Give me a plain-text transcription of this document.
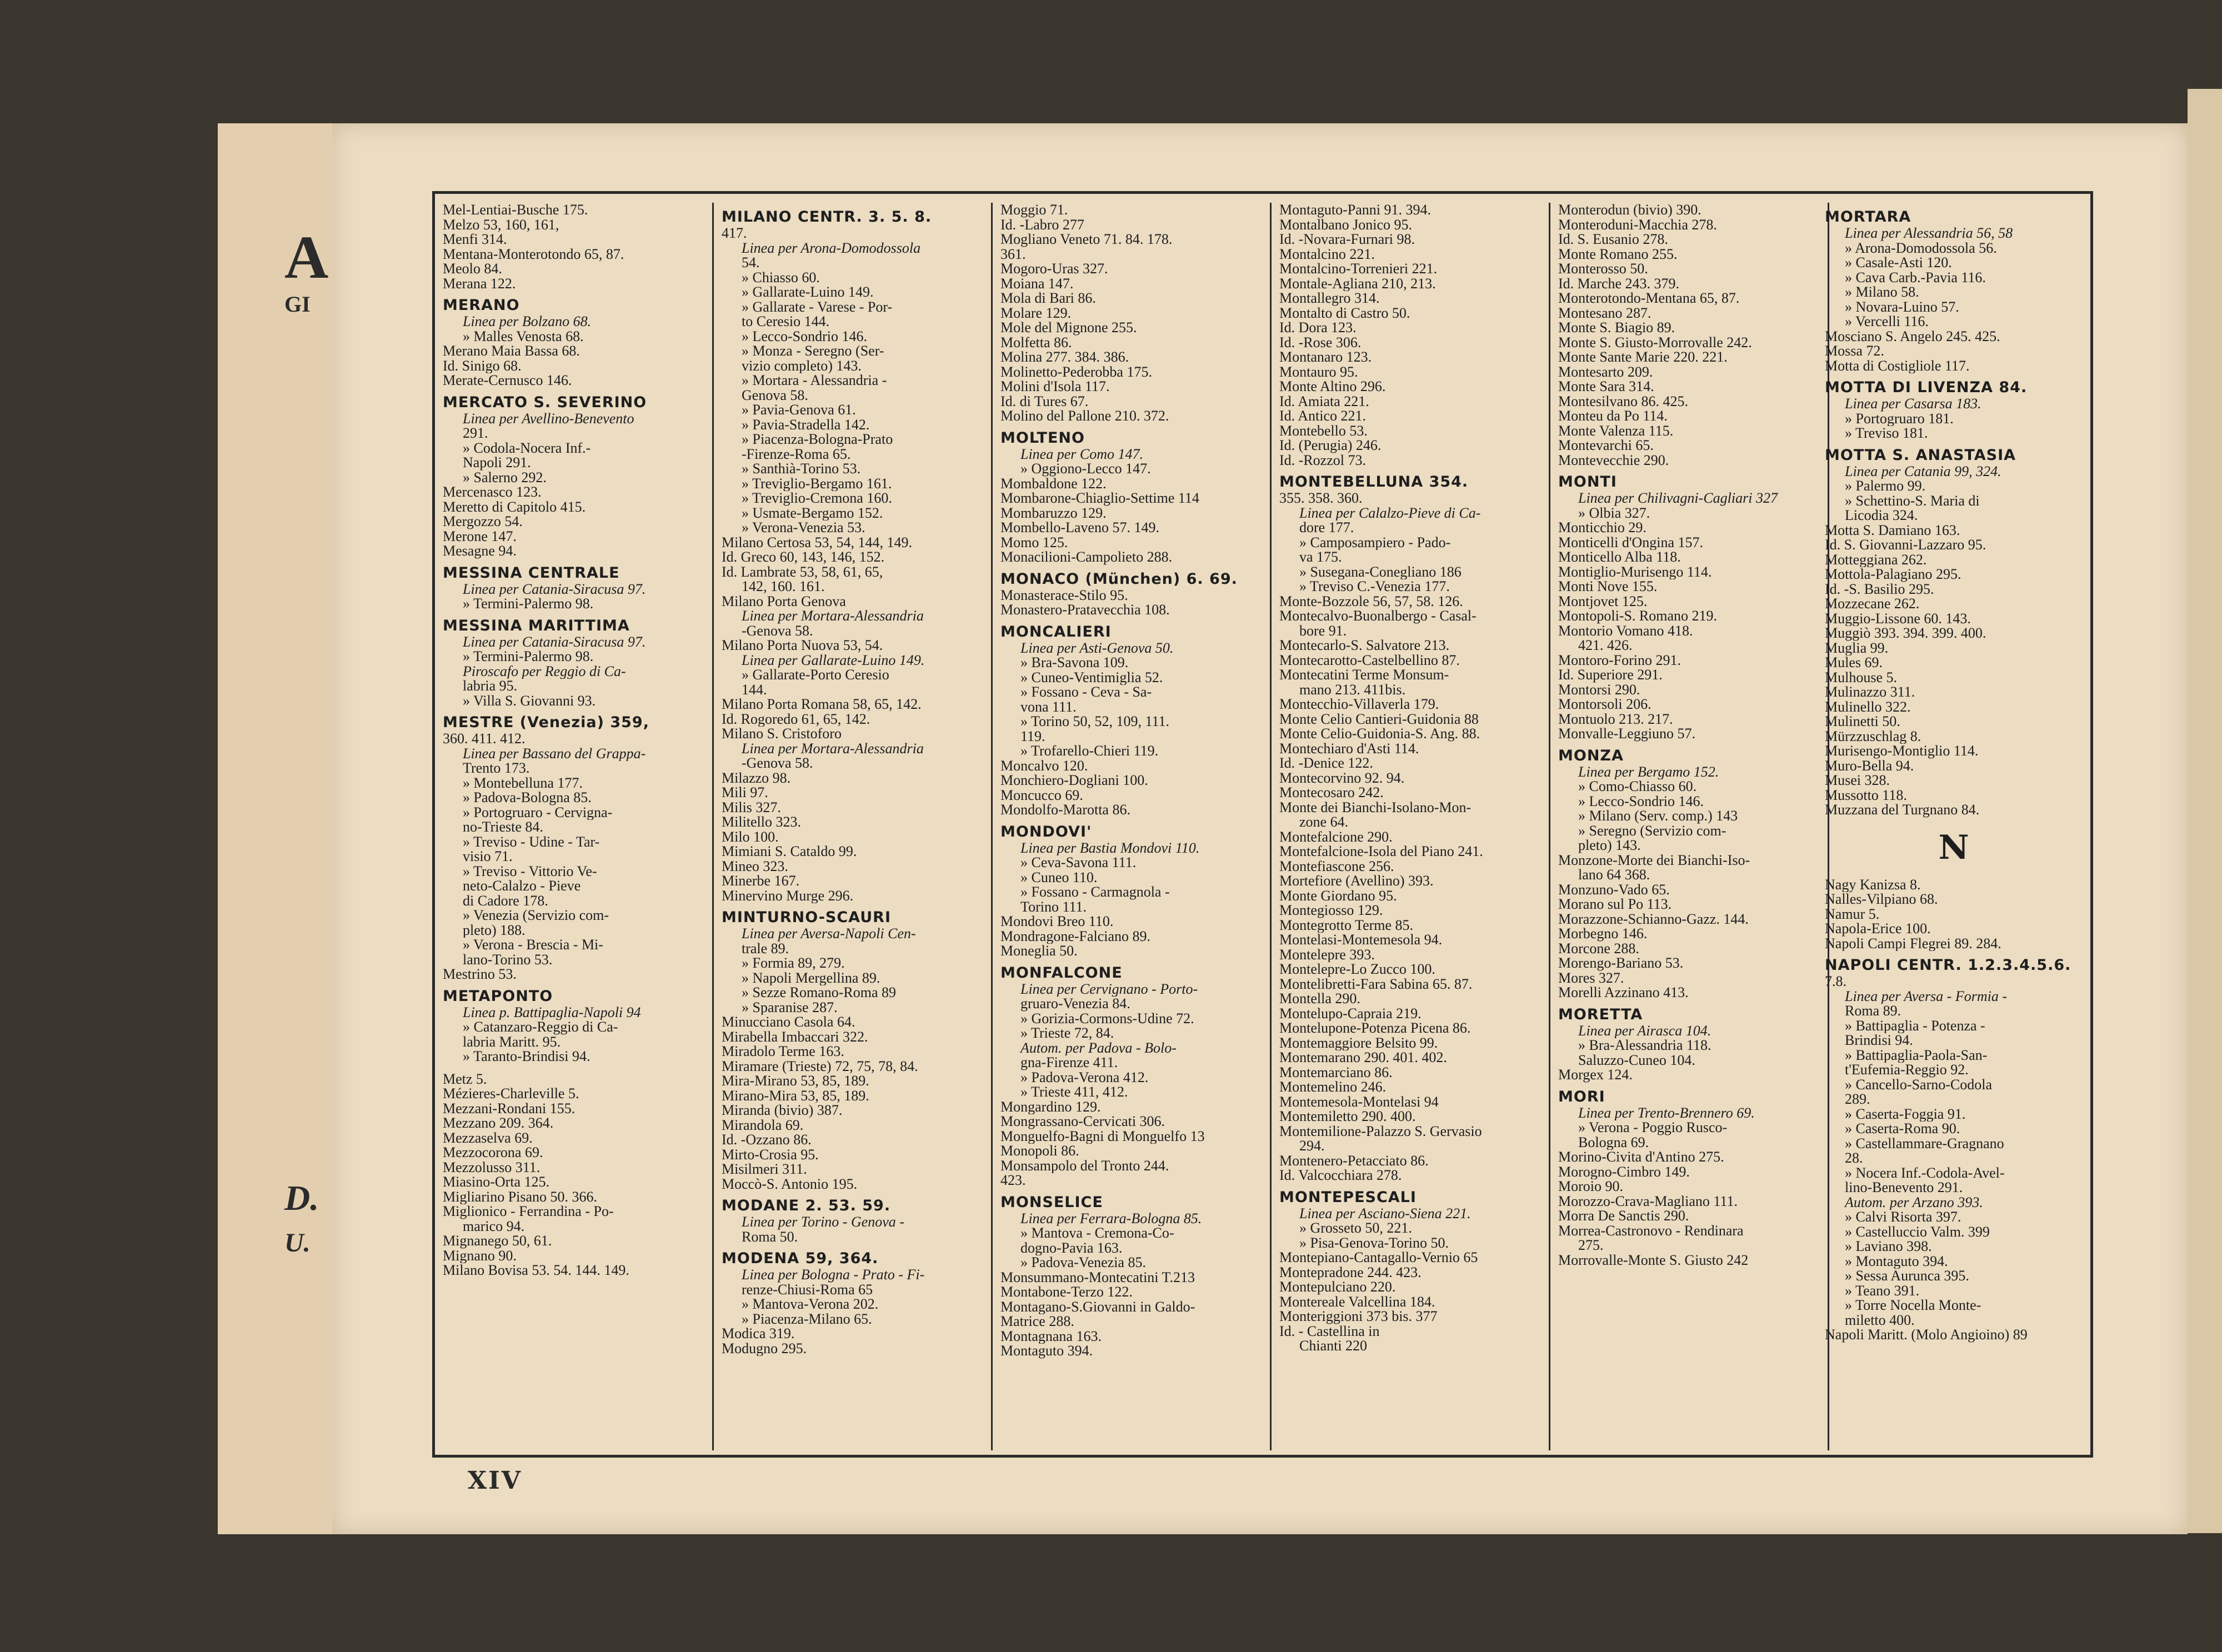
A
GI
D.
U.
Mel-Lentiai-Busche 175.
Melzo 53, 160, 161,
Menfi 314.
Mentana-Monterotondo 65, 87.
Meolo 84.
Merana 122.
MERANO
Linea per Bolzano 68.
» Malles Venosta 68.
Merano Maia Bassa 68.
Id. Sinigo 68.
Merate-Cernusco 146.
MERCATO S. SEVERINO
Linea per Avellino-Benevento
291.
» Codola-Nocera Inf.-
Napoli 291.
» Salerno 292.
Mercenasco 123.
Meretto di Capitolo 415.
Mergozzo 54.
Merone 147.
Mesagne 94.
MESSINA CENTRALE
Linea per Catania-Siracusa 97.
» Termini-Palermo 98.
MESSINA MARITTIMA
Linea per Catania-Siracusa 97.
» Termini-Palermo 98.
Piroscafo per Reggio di Ca-
labria 95.
» Villa S. Giovanni 93.
MESTRE (Venezia) 359,
360. 411. 412.
Linea per Bassano del Grappa-
Trento 173.
» Montebelluna 177.
» Padova-Bologna 85.
» Portogruaro - Cervigna-
no-Trieste 84.
» Treviso - Udine - Tar-
visio 71.
» Treviso - Vittorio Ve-
neto-Calalzo - Pieve
di Cadore 178.
» Venezia (Servizio com-
pleto) 188.
» Verona - Brescia - Mi-
lano-Torino 53.
Mestrino 53.
METAPONTO
Linea p. Battipaglia-Napoli 94
» Catanzaro-Reggio di Ca-
labria Maritt. 95.
» Taranto-Brindisi 94.
Metz 5.
Mézieres-Charleville 5.
Mezzani-Rondani 155.
Mezzano 209. 364.
Mezzaselva 69.
Mezzocorona 69.
Mezzolusso 311.
Miasino-Orta 125.
Migliarino Pisano 50. 366.
Miglionico - Ferrandina - Po-
marico 94.
Mignanego 50, 61.
Mignano 90.
Milano Bovisa 53. 54. 144. 149.
MILANO CENTR. 3. 5. 8.
417.
Linea per Arona-Domodossola
54.
» Chiasso 60.
» Gallarate-Luino 149.
» Gallarate - Varese - Por-
to Ceresio 144.
» Lecco-Sondrio 146.
» Monza - Seregno (Ser-
vizio completo) 143.
» Mortara - Alessandria -
Genova 58.
» Pavia-Genova 61.
» Pavia-Stradella 142.
» Piacenza-Bologna-Prato
-Firenze-Roma 65.
» Santhià-Torino 53.
» Treviglio-Bergamo 161.
» Treviglio-Cremona 160.
» Usmate-Bergamo 152.
» Verona-Venezia 53.
Milano Certosa 53, 54, 144, 149.
Id. Greco 60, 143, 146, 152.
Id. Lambrate 53, 58, 61, 65,
142, 160. 161.
Milano Porta Genova
Linea per Mortara-Alessandria
-Genova 58.
Milano Porta Nuova 53, 54.
Linea per Gallarate-Luino 149.
» Gallarate-Porto Ceresio
144.
Milano Porta Romana 58, 65, 142.
Id. Rogoredo 61, 65, 142.
Milano S. Cristoforo
Linea per Mortara-Alessandria
-Genova 58.
Milazzo 98.
Mili 97.
Milis 327.
Militello 323.
Milo 100.
Mimiani S. Cataldo 99.
Mineo 323.
Minerbe 167.
Minervino Murge 296.
MINTURNO-SCAURI
Linea per Aversa-Napoli Cen-
trale 89.
» Formia 89, 279.
» Napoli Mergellina 89.
» Sezze Romano-Roma 89
» Sparanise 287.
Minucciano Casola 64.
Mirabella Imbaccari 322.
Miradolo Terme 163.
Miramare (Trieste) 72, 75, 78, 84.
Mira-Mirano 53, 85, 189.
Mirano-Mira 53, 85, 189.
Miranda (bivio) 387.
Mirandola 69.
Id. -Ozzano 86.
Mirto-Crosia 95.
Misilmeri 311.
Moccò-S. Antonio 195.
MODANE 2. 53. 59.
Linea per Torino - Genova -
Roma 50.
MODENA 59, 364.
Linea per Bologna - Prato - Fi-
renze-Chiusi-Roma 65
» Mantova-Verona 202.
» Piacenza-Milano 65.
Modica 319.
Modugno 295.
Moggio 71.
Id. -Labro 277
Mogliano Veneto 71. 84. 178.
361.
Mogoro-Uras 327.
Moiana 147.
Mola di Bari 86.
Molare 129.
Mole del Mignone 255.
Molfetta 86.
Molina 277. 384. 386.
Molinetto-Pederobba 175.
Molini d'Isola 117.
Id. di Tures 67.
Molino del Pallone 210. 372.
MOLTENO
Linea per Como 147.
» Oggiono-Lecco 147.
Mombaldone 122.
Mombarone-Chiaglio-Settime 114
Mombaruzzo 129.
Mombello-Laveno 57. 149.
Momo 125.
Monacilioni-Campolieto 288.
MONACO (München) 6. 69.
Monasterace-Stilo 95.
Monastero-Pratavecchia 108.
MONCALIERI
Linea per Asti-Genova 50.
» Bra-Savona 109.
» Cuneo-Ventimiglia 52.
» Fossano - Ceva - Sa-
vona 111.
» Torino 50, 52, 109, 111.
119.
» Trofarello-Chieri 119.
Moncalvo 120.
Monchiero-Dogliani 100.
Moncucco 69.
Mondolfo-Marotta 86.
MONDOVI'
Linea per Bastia Mondovi 110.
» Ceva-Savona 111.
» Cuneo 110.
» Fossano - Carmagnola -
Torino 111.
Mondovi Breo 110.
Mondragone-Falciano 89.
Moneglia 50.
MONFALCONE
Linea per Cervignano - Porto-
gruaro-Venezia 84.
» Gorizia-Cormons-Udine 72.
» Trieste 72, 84.
Autom. per Padova - Bolo-
gna-Firenze 411.
» Padova-Verona 412.
» Trieste 411, 412.
Mongardino 129.
Mongrassano-Cervicati 306.
Monguelfo-Bagni di Monguelfo 13
Monopoli 86.
Monsampolo del Tronto 244.
423.
MONSELICE
Linea per Ferrara-Bologna 85.
» Mantova - Cremona-Co-
dogno-Pavia 163.
» Padova-Venezia 85.
Monsummano-Montecatini T.213
Montabone-Terzo 122.
Montagano-S.Giovanni in Galdo-
Matrice 288.
Montagnana 163.
Montaguto 394.
Montaguto-Panni 91. 394.
Montalbano Jonico 95.
Id. -Novara-Furnari 98.
Montalcino 221.
Montalcino-Torrenieri 221.
Montale-Agliana 210, 213.
Montallegro 314.
Montalto di Castro 50.
Id. Dora 123.
Id. -Rose 306.
Montanaro 123.
Montauro 95.
Monte Altino 296.
Id. Amiata 221.
Id. Antico 221.
Montebello 53.
Id. (Perugia) 246.
Id. -Rozzol 73.
MONTEBELLUNA 354.
355. 358. 360.
Linea per Calalzo-Pieve di Ca-
dore 177.
» Camposampiero - Pado-
va 175.
» Susegana-Conegliano 186
» Treviso C.-Venezia 177.
Monte-Bozzole 56, 57, 58. 126.
Montecalvo-Buonalbergo - Casal-
bore 91.
Montecarlo-S. Salvatore 213.
Montecarotto-Castelbellino 87.
Montecatini Terme Monsum-
mano 213. 411bis.
Montecchio-Villaverla 179.
Monte Celio Cantieri-Guidonia 88
Monte Celio-Guidonia-S. Ang. 88.
Montechiaro d'Asti 114.
Id. -Denice 122.
Montecorvino 92. 94.
Montecosaro 242.
Monte dei Bianchi-Isolano-Mon-
zone 64.
Montefalcione 290.
Montefalcione-Isola del Piano 241.
Montefiascone 256.
Mortefiore (Avellino) 393.
Monte Giordano 95.
Montegiosso 129.
Montegrotto Terme 85.
Montelasi-Montemesola 94.
Montelepre 393.
Montelepre-Lo Zucco 100.
Montelibretti-Fara Sabina 65. 87.
Montella 290.
Montelupo-Capraia 219.
Montelupone-Potenza Picena 86.
Montemaggiore Belsito 99.
Montemarano 290. 401. 402.
Montemarciano 86.
Montemelino 246.
Montemesola-Montelasi 94
Montemiletto 290. 400.
Montemilione-Palazzo S. Gervasio
294.
Montenero-Petacciato 86.
Id. Valcocchiara 278.
MONTEPESCALI
Linea per Asciano-Siena 221.
» Grosseto 50, 221.
» Pisa-Genova-Torino 50.
Montepiano-Cantagallo-Vernio 65
Montepradone 244. 423.
Montepulciano 220.
Montereale Valcellina 184.
Monteriggioni 373 bis. 377
Id. - Castellina in
Chianti 220
Monterodun (bivio) 390.
Monteroduni-Macchia 278.
Id. S. Eusanio 278.
Monte Romano 255.
Monterosso 50.
Id. Marche 243. 379.
Monterotondo-Mentana 65, 87.
Montesano 287.
Monte S. Biagio 89.
Monte S. Giusto-Morrovalle 242.
Monte Sante Marie 220. 221.
Montesarto 209.
Monte Sara 314.
Montesilvano 86. 425.
Monteu da Po 114.
Monte Valenza 115.
Montevarchi 65.
Montevecchie 290.
MONTI
Linea per Chilivagni-Cagliari 327
» Olbia 327.
Monticchio 29.
Monticelli d'Ongina 157.
Monticello Alba 118.
Montiglio-Murisengo 114.
Monti Nove 155.
Montjovet 125.
Montopoli-S. Romano 219.
Montorio Vomano 418.
421. 426.
Montoro-Forino 291.
Id. Superiore 291.
Montorsi 290.
Montorsoli 206.
Montuolo 213. 217.
Monvalle-Leggiuno 57.
MONZA
Linea per Bergamo 152.
» Como-Chiasso 60.
» Lecco-Sondrio 146.
» Milano (Serv. comp.) 143
» Seregno (Servizio com-
pleto) 143.
Monzone-Morte dei Bianchi-Iso-
lano 64 368.
Monzuno-Vado 65.
Morano sul Po 113.
Morazzone-Schianno-Gazz. 144.
Morbegno 146.
Morcone 288.
Morengo-Bariano 53.
Mores 327.
Morelli Azzinano 413.
MORETTA
Linea per Airasca 104.
» Bra-Alessandria 118.
Saluzzo-Cuneo 104.
Morgex 124.
MORI
Linea per Trento-Brennero 69.
» Verona - Poggio Rusco-
Bologna 69.
Morino-Civita d'Antino 275.
Morogno-Cimbro 149.
Moroio 90.
Morozzo-Crava-Magliano 111.
Morra De Sanctis 290.
Morrea-Castronovo - Rendinara
275.
Morrovalle-Monte S. Giusto 242
MORTARA
Linea per Alessandria 56, 58
» Arona-Domodossola 56.
» Casale-Asti 120.
» Cava Carb.-Pavia 116.
» Milano 58.
» Novara-Luino 57.
» Vercelli 116.
Mosciano S. Angelo 245. 425.
Mossa 72.
Motta di Costigliole 117.
MOTTA DI LIVENZA 84.
Linea per Casarsa 183.
» Portogruaro 181.
» Treviso 181.
MOTTA S. ANASTASIA
Linea per Catania 99, 324.
» Palermo 99.
» Schettino-S. Maria di
Licodia 324.
Motta S. Damiano 163.
Id. S. Giovanni-Lazzaro 95.
Motteggiana 262.
Mottola-Palagiano 295.
Id. -S. Basilio 295.
Mozzecane 262.
Muggio-Lissone 60. 143.
Muggiò 393. 394. 399. 400.
Muglia 99.
Mules 69.
Mulhouse 5.
Mulinazzo 311.
Mulinello 322.
Mulinetti 50.
Mürzzuschlag 8.
Murisengo-Montiglio 114.
Muro-Bella 94.
Musei 328.
Mussotto 118.
Muzzana del Turgnano 84.
N
Nagy Kanizsa 8.
Nalles-Vilpiano 68.
Namur 5.
Napola-Erice 100.
Napoli Campi Flegrei 89. 284.
NAPOLI CENTR. 1.2.3.4.5.6.
7.8.
Linea per Aversa - Formia -
Roma 89.
» Battipaglia - Potenza -
Brindisi 94.
» Battipaglia-Paola-San-
t'Eufemia-Reggio 92.
» Cancello-Sarno-Codola
289.
» Caserta-Foggia 91.
» Caserta-Roma 90.
» Castellammare-Gragnano
28.
» Nocera Inf.-Codola-Avel-
lino-Benevento 291.
Autom. per Arzano 393.
» Calvi Risorta 397.
» Castelluccio Valm. 399
» Laviano 398.
» Montaguto 394.
» Sessa Aurunca 395.
» Teano 391.
» Torre Nocella Monte-
miletto 400.
Napoli Maritt. (Molo Angioino) 89
XIV
